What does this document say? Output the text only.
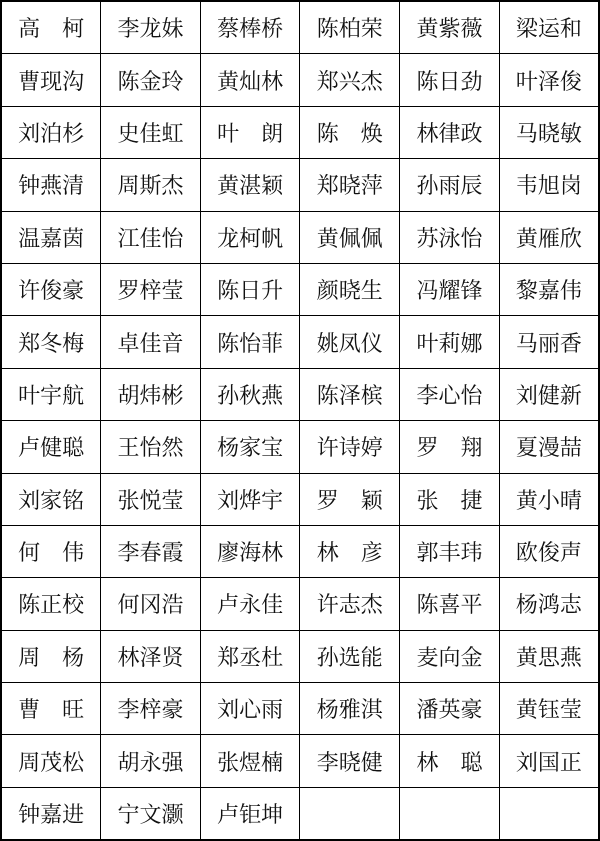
高　柯	李龙妹	蔡棒桥	陈柏荣	黄紫薇	梁运和
曹现沟	陈金玲	黄灿林	郑兴杰	陈日劲	叶泽俊
刘泊杉	史佳虹	叶　朗	陈　焕	林律政	马晓敏
钟燕清	周斯杰	黄湛颖	郑晓萍	孙雨辰	韦旭岗
温嘉茵	江佳怡	龙柯帆	黄佩佩	苏泳怡	黄雁欣
许俊豪	罗梓莹	陈日升	颜晓生	冯耀锋	黎嘉伟
郑冬梅	卓佳音	陈怡菲	姚凤仪	叶莉娜	马丽香
叶宇航	胡炜彬	孙秋燕	陈泽槟	李心怡	刘健新
卢健聪	王怡然	杨家宝	许诗婷	罗　翔	夏漫喆
刘家铭	张悦莹	刘烨宇	罗　颖	张　捷	黄小晴
何　伟	李春霞	廖海林	林　彦	郭丰玮	欧俊声
陈正校	何冈浩	卢永佳	许志杰	陈喜平	杨鸿志
周　杨	林泽贤	郑丞杜	孙选能	麦向金	黄思燕
曹　旺	李梓豪	刘心雨	杨雅淇	潘英豪	黄钰莹
周茂松	胡永强	张煜楠	李晓健	林　聪	刘国正
钟嘉进	宁文灏	卢钜坤			
